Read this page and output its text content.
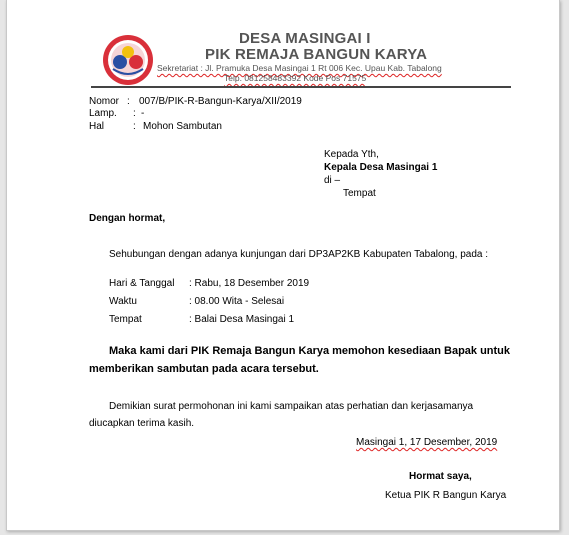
DESA MASINGAI I
PIK REMAJA BANGUN KARYA
Sekretariat : Jl. Pramuka Desa Masingai 1 Rt 006 Kec. Upau Kab. Tabalong
Telp. 081258483392 Kode Pos 71575
Nomor : 007/B/PIK-R-Bangun-Karya/XII/2019
Lamp. : -
Hal	: Mohon Sambutan
Kepada Yth,
Kepala Desa Masingai 1
di –
Tempat
Dengan hormat,
Sehubungan dengan adanya kunjungan dari DP3AP2KB Kabupaten Tabalong, pada :
Hari & Tanggal : Rabu, 18 Desember 2019
Waktu	: 08.00 Wita - Selesai
Tempat	: Balai Desa Masingai 1
Maka kami dari PIK Remaja Bangun Karya memohon kesediaan Bapak untuk
memberikan sambutan pada acara tersebut.
Demikian surat permohonan ini kami sampaikan atas perhatian dan kerjasamanya
diucapkan terima kasih.
Masingai 1, 17 Desember, 2019
Hormat saya,
Ketua PIK R Bangun Karya
